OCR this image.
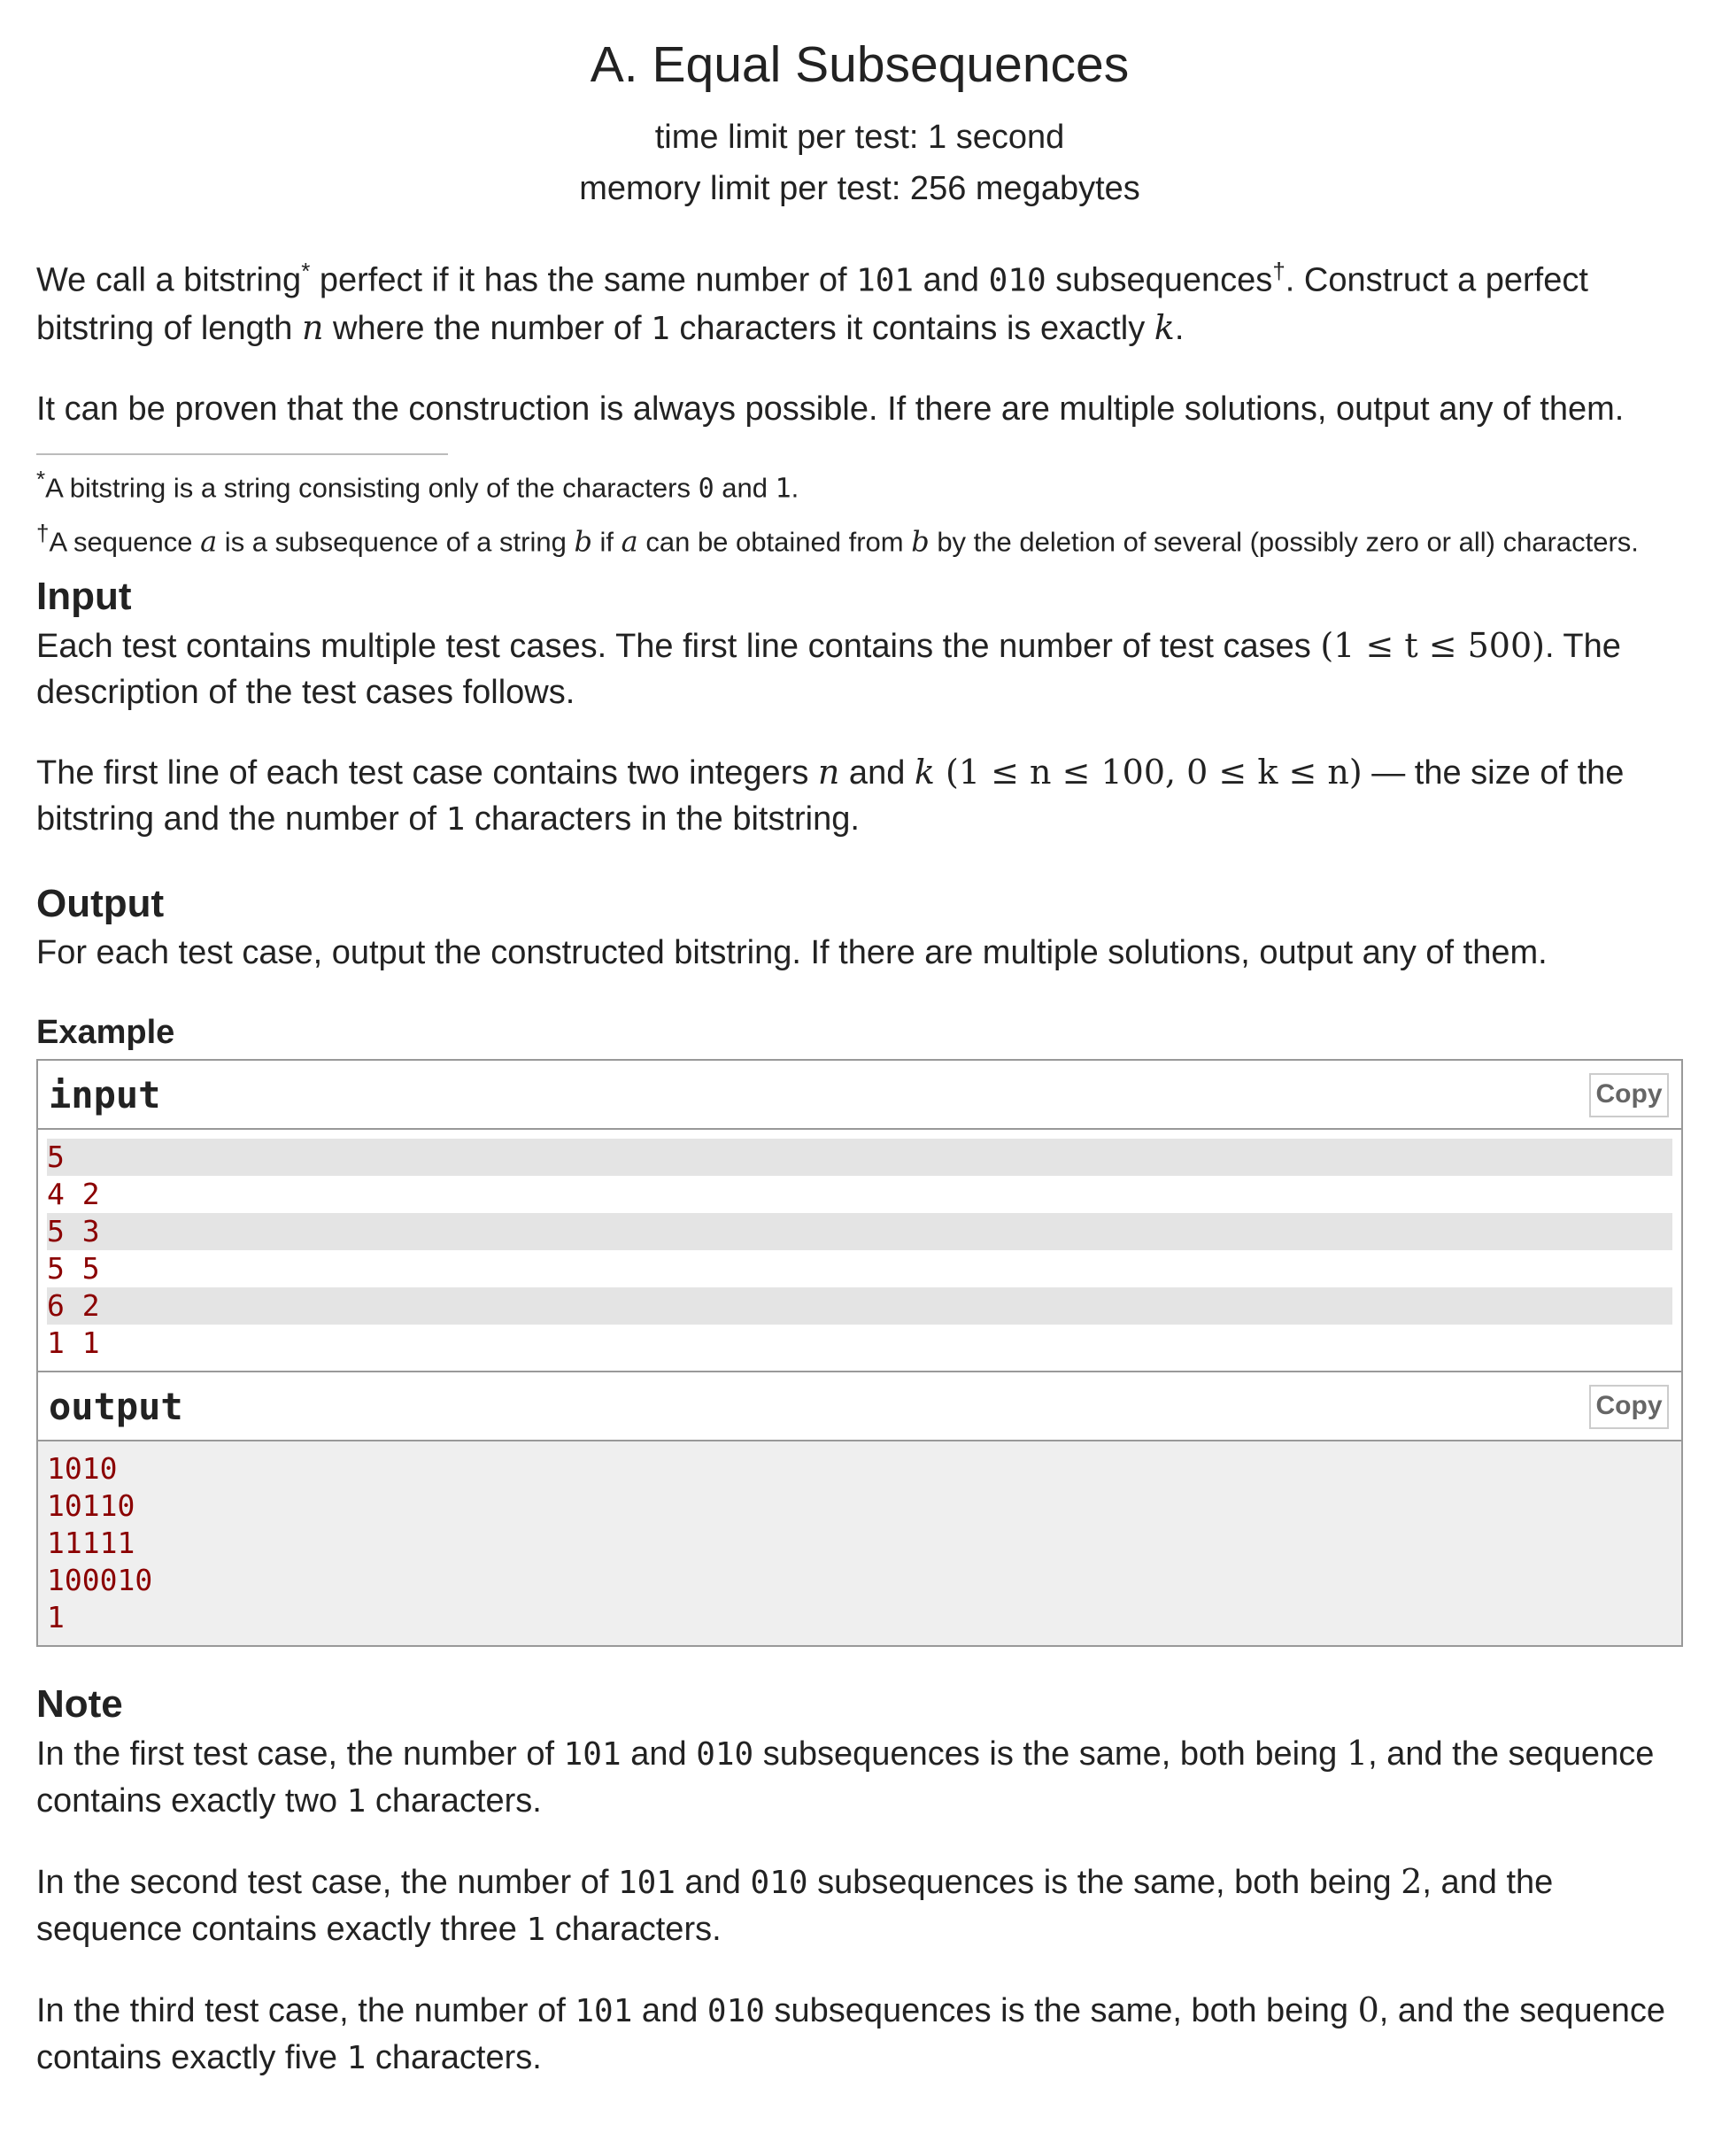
A. Equal Subsequences
time limit per test: 1 second
memory limit per test: 256 megabytes

We call a bitstring* perfect if it has the same number of 101 and 010 subsequences†. Construct a perfect bitstring of length n where the number of 1 characters it contains is exactly k.

It can be proven that the construction is always possible. If there are multiple solutions, output any of them.

*A bitstring is a string consisting only of the characters 0 and 1.

†A sequence a is a subsequence of a string b if a can be obtained from b by the deletion of several (possibly zero or all) characters.

Input

Each test contains multiple test cases. The first line contains the number of test cases (1 ≤ t ≤ 500). The description of the test cases follows.

The first line of each test case contains two integers n and k (1 ≤ n ≤ 100, 0 ≤ k ≤ n) — the size of the bitstring and the number of 1 characters in the bitstring.

Output

For each test case, output the constructed bitstring. If there are multiple solutions, output any of them.

Example
input	Copy
5
4 2
5 3
5 5
6 2
1 1
output	Copy
1010
10110
11111
100010
1
Note

In the first test case, the number of 101 and 010 subsequences is the same, both being 1, and the sequence contains exactly two 1 characters.

In the second test case, the number of 101 and 010 subsequences is the same, both being 2, and the sequence contains exactly three 1 characters.

In the third test case, the number of 101 and 010 subsequences is the same, both being 0, and the sequence contains exactly five 1 characters.
